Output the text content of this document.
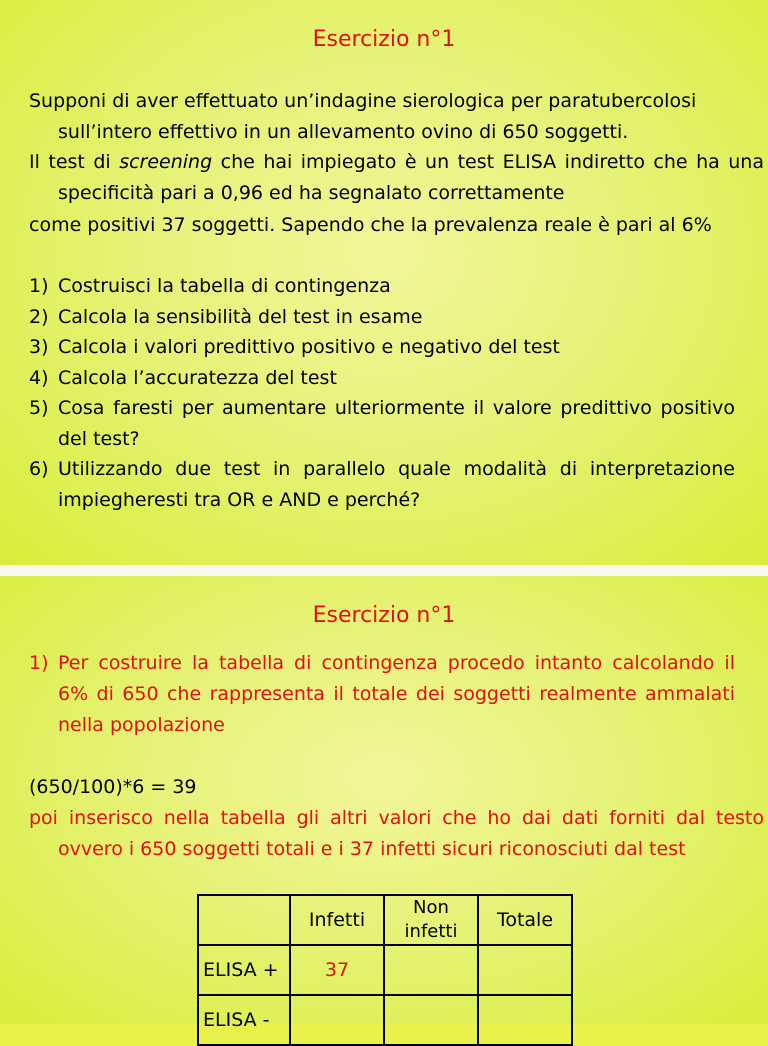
Esercizio n°1
Supponi di aver effettuato un’indagine sierologica per paratubercolosi
sull’intero effettivo in un allevamento ovino di 650 soggetti.
Il test di screening che hai impiegato è un test ELISA indiretto che ha una specificità pari a 0,96 ed ha segnalato correttamente
come positivi 37 soggetti. Sapendo che la prevalenza reale è pari al 6%
1) Costruisci la tabella di contingenza
2) Calcola la sensibilità del test in esame
3) Calcola i valori predittivo positivo e negativo del test
4) Calcola l’accuratezza del test
5) Cosa faresti per aumentare ulteriormente il valore predittivo positivo del test?
6) Utilizzando due test in parallelo quale modalità di interpretazione impiegheresti tra OR e AND e perché?
Esercizio n°1
1) Per costruire la tabella di contingenza procedo intanto calcolando il 6% di 650 che rappresenta il totale dei soggetti realmente ammalati nella popolazione
(650/100)*6 = 39
poi inserisco nella tabella gli altri valori che ho dai dati forniti dal testo ovvero i 650 soggetti totali e i 37 infetti sicuri riconosciuti dal test
	Infetti	Non infetti	Totale
ELISA +	37		
ELISA -			
